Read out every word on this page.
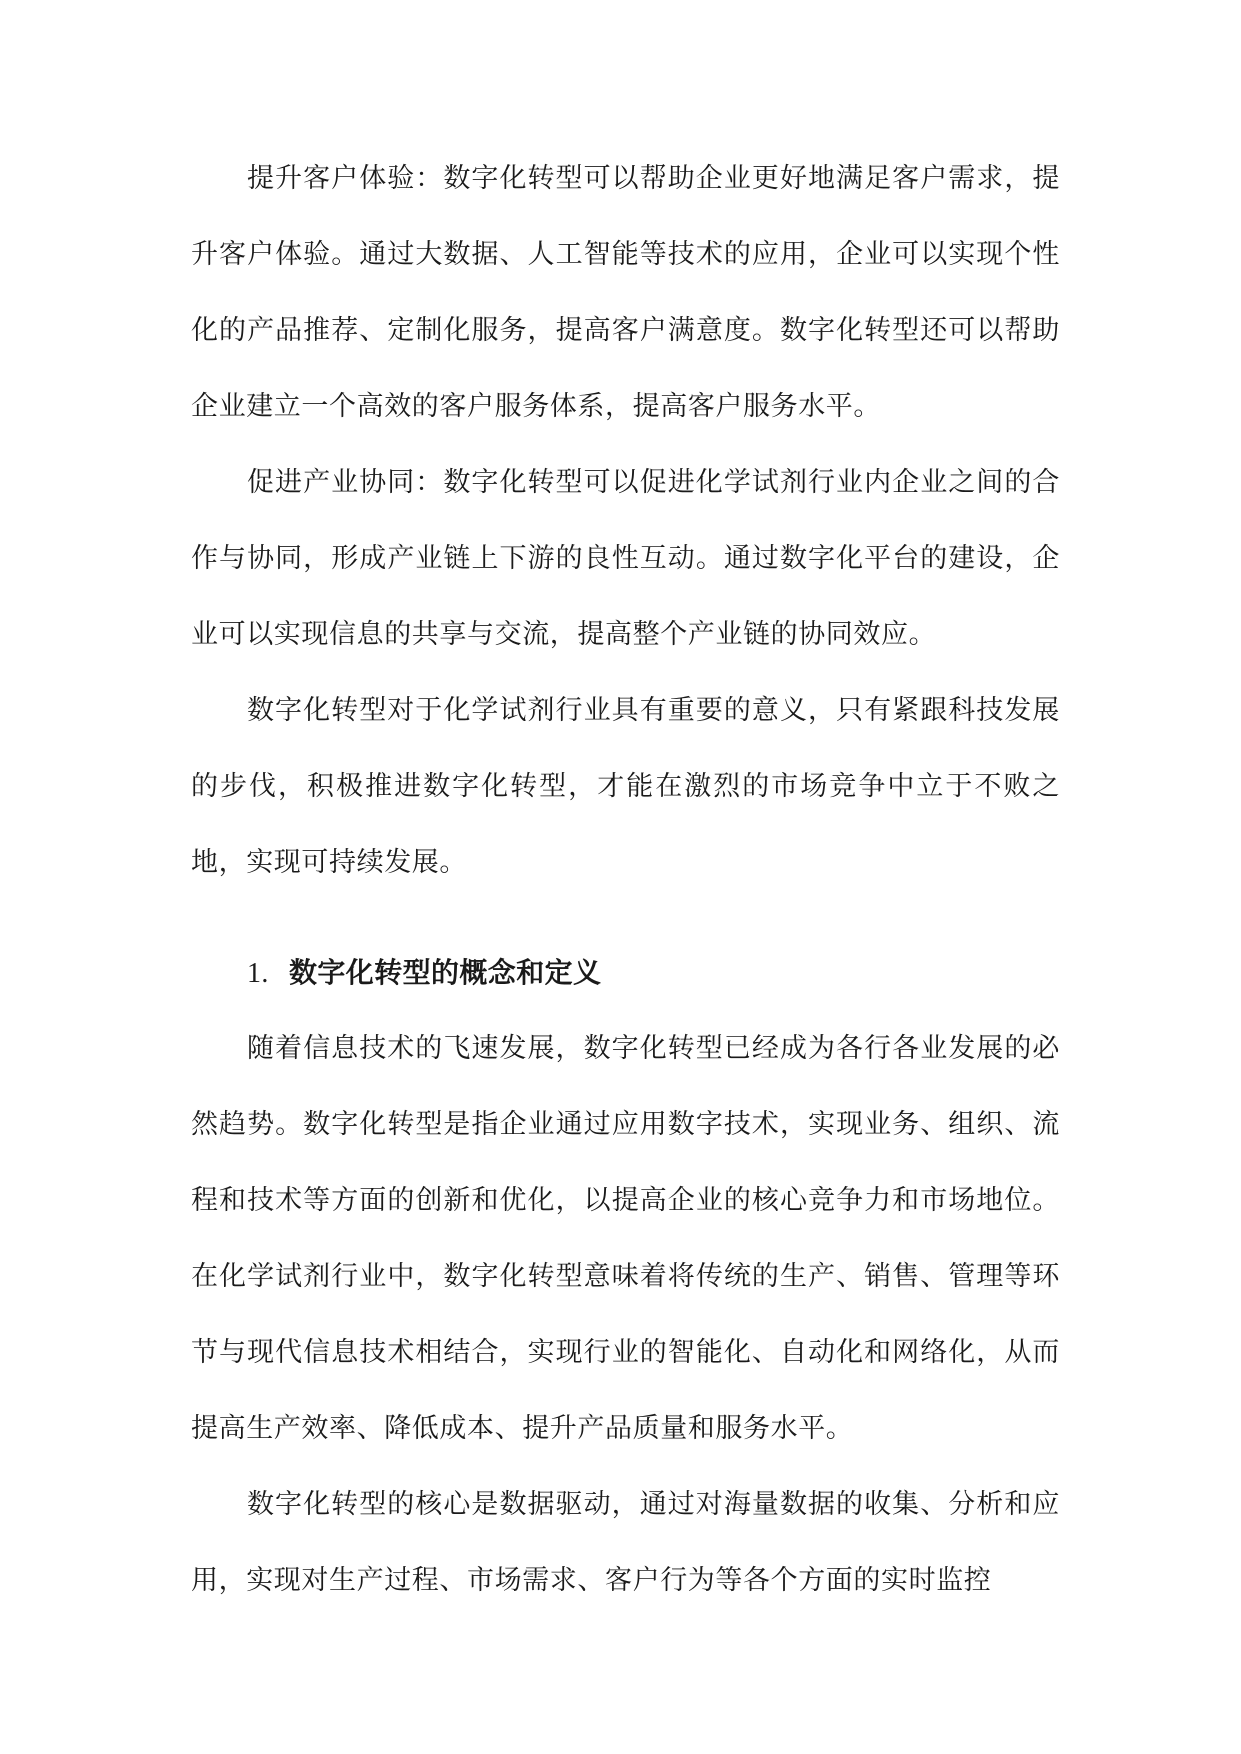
提升客户体验：数字化转型可以帮助企业更好地满足客户需求，提升客户体验。通过大数据、人工智能等技术的应用，企业可以实现个性化的产品推荐、定制化服务，提高客户满意度。数字化转型还可以帮助企业建立一个高效的客户服务体系，提高客户服务水平。

促进产业协同：数字化转型可以促进化学试剂行业内企业之间的合作与协同，形成产业链上下游的良性互动。通过数字化平台的建设，企业可以实现信息的共享与交流，提高整个产业链的协同效应。

数字化转型对于化学试剂行业具有重要的意义，只有紧跟科技发展的步伐，积极推进数字化转型，才能在激烈的市场竞争中立于不败之地，实现可持续发展。

1. 数字化转型的概念和定义

随着信息技术的飞速发展，数字化转型已经成为各行各业发展的必然趋势。数字化转型是指企业通过应用数字技术，实现业务、组织、流程和技术等方面的创新和优化，以提高企业的核心竞争力和市场地位。在化学试剂行业中，数字化转型意味着将传统的生产、销售、管理等环节与现代信息技术相结合，实现行业的智能化、自动化和网络化，从而提高生产效率、降低成本、提升产品质量和服务水平。

数字化转型的核心是数据驱动，通过对海量数据的收集、分析和应用，实现对生产过程、市场需求、客户行为等各个方面的实时监控
